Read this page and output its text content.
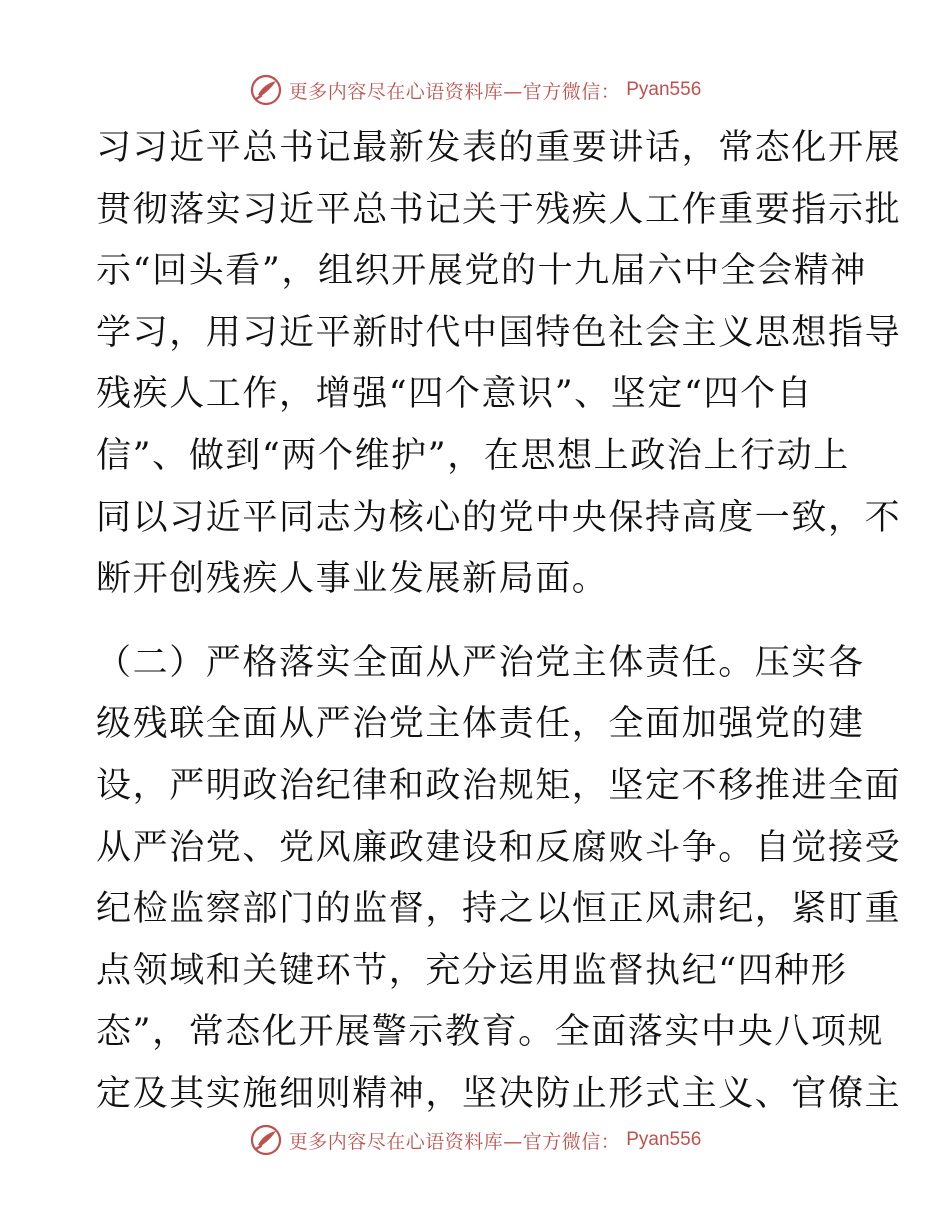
更多内容尽在心语资料库—官方微信： Pyan556
习习近平总书记最新发表的重要讲话，常态化开展
贯彻落实习近平总书记关于残疾人工作重要指示批
示“回头看”，组织开展党的十九届六中全会精神
学习，用习近平新时代中国特色社会主义思想指导
残疾人工作，增强“四个意识”、坚定“四个自
信”、做到“两个维护”，在思想上政治上行动上
同以习近平同志为核心的党中央保持高度一致，不
断开创残疾人事业发展新局面。
（二）严格落实全面从严治党主体责任。压实各
级残联全面从严治党主体责任，全面加强党的建
设，严明政治纪律和政治规矩，坚定不移推进全面
从严治党、党风廉政建设和反腐败斗争。自觉接受
纪检监察部门的监督，持之以恒正风肃纪，紧盯重
点领域和关键环节，充分运用监督执纪“四种形
态”，常态化开展警示教育。全面落实中央八项规
定及其实施细则精神，坚决防止形式主义、官僚主
更多内容尽在心语资料库—官方微信： Pyan556
